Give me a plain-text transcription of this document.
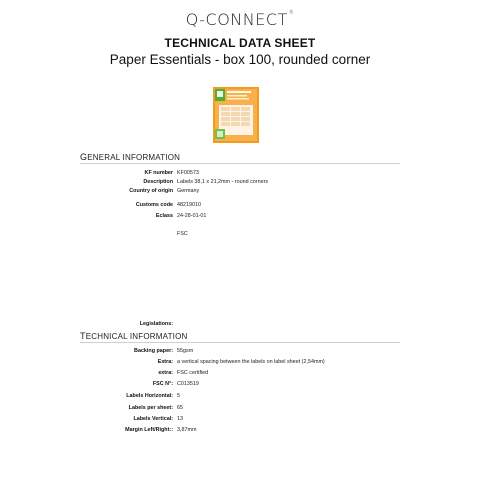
Q-CONNECT®
TECHNICAL DATA SHEET
Paper Essentials - box 100, rounded corner
GENERAL INFORMATION
KF number KF00573
Description Labels 38,1 x 21,2mm - round corners
Country of origin Germany
Customs code 48219010
Eclass 24-28-01-01
FSC
Legislations:
TECHNICAL INFORMATION
Backing paper: 55gsm
Extra: a vertical spacing between the labels on label sheet (2,54mm)
extra: FSC certified
FSC N°: C013519
Labels Horizontal: 5
Labels per sheet: 65
Labels Vertical: 13
Margin Left/Right:: 3,87mm
